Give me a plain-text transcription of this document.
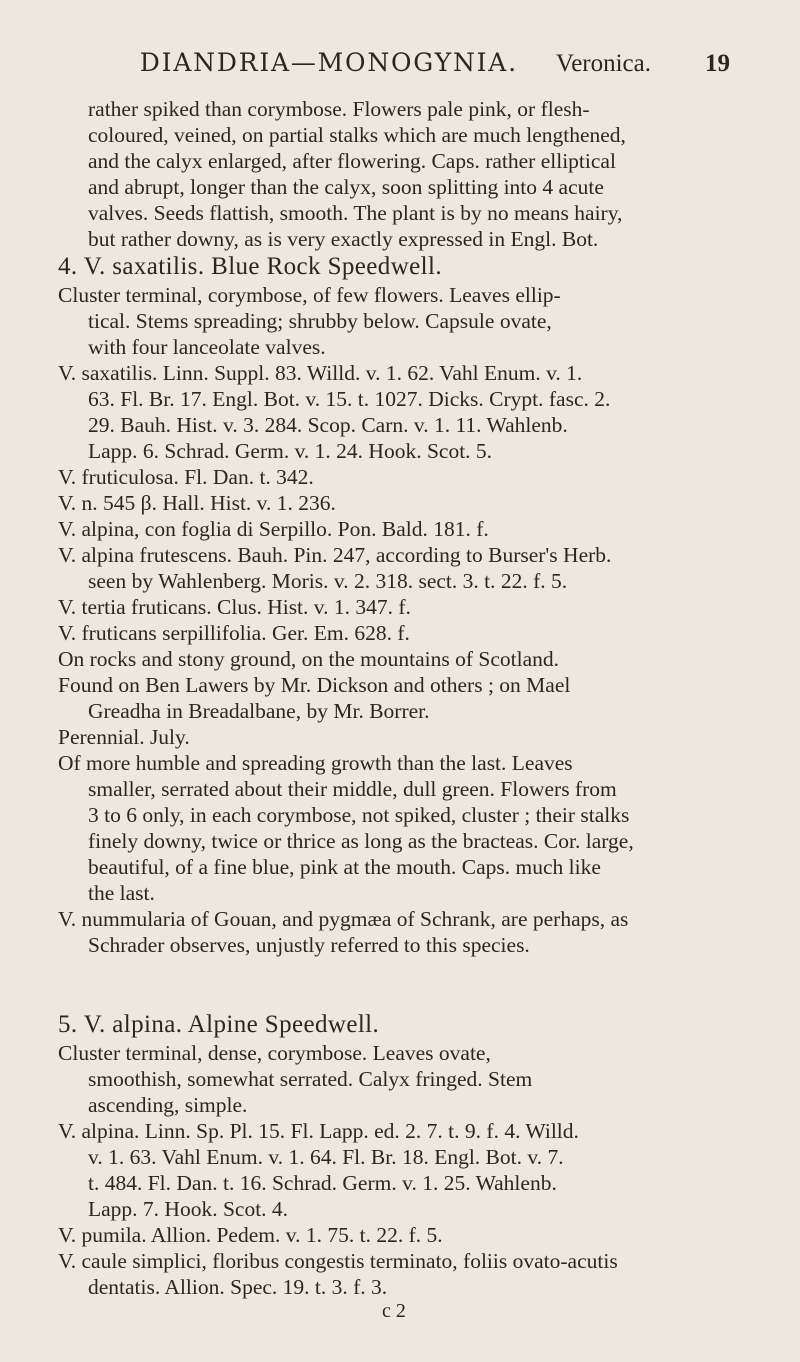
DIANDRIA—MONOGYNIA. Veronica. 19

rather spiked than corymbose. Flowers pale pink, or flesh-

coloured, veined, on partial stalks which are much lengthened,

and the calyx enlarged, after flowering. Caps. rather elliptical

and abrupt, longer than the calyx, soon splitting into 4 acute

valves. Seeds flattish, smooth. The plant is by no means hairy,

but rather downy, as is very exactly expressed in Engl. Bot.

4. V. saxatilis. Blue Rock Speedwell.

Cluster terminal, corymbose, of few flowers. Leaves ellip-

tical. Stems spreading; shrubby below. Capsule ovate,

with four lanceolate valves.

V. saxatilis. Linn. Suppl. 83. Willd. v. 1. 62. Vahl Enum. v. 1.

63. Fl. Br. 17. Engl. Bot. v. 15. t. 1027. Dicks. Crypt. fasc. 2.

29. Bauh. Hist. v. 3. 284. Scop. Carn. v. 1. 11. Wahlenb.

Lapp. 6. Schrad. Germ. v. 1. 24. Hook. Scot. 5.

V. fruticulosa. Fl. Dan. t. 342.

V. n. 545 β. Hall. Hist. v. 1. 236.

V. alpina, con foglia di Serpillo. Pon. Bald. 181. f.

V. alpina frutescens. Bauh. Pin. 247, according to Burser's Herb.

seen by Wahlenberg. Moris. v. 2. 318. sect. 3. t. 22. f. 5.

V. tertia fruticans. Clus. Hist. v. 1. 347. f.

V. fruticans serpillifolia. Ger. Em. 628. f.

On rocks and stony ground, on the mountains of Scotland.

Found on Ben Lawers by Mr. Dickson and others ; on Mael

Greadha in Breadalbane, by Mr. Borrer.

Perennial. July.

Of more humble and spreading growth than the last. Leaves

smaller, serrated about their middle, dull green. Flowers from

3 to 6 only, in each corymbose, not spiked, cluster ; their stalks

finely downy, twice or thrice as long as the bracteas. Cor. large,

beautiful, of a fine blue, pink at the mouth. Caps. much like

the last.

V. nummularia of Gouan, and pygmæa of Schrank, are perhaps, as

Schrader observes, unjustly referred to this species.

5. V. alpina. Alpine Speedwell.

Cluster terminal, dense, corymbose. Leaves ovate,

smoothish, somewhat serrated. Calyx fringed. Stem

ascending, simple.

V. alpina. Linn. Sp. Pl. 15. Fl. Lapp. ed. 2. 7. t. 9. f. 4. Willd.

v. 1. 63. Vahl Enum. v. 1. 64. Fl. Br. 18. Engl. Bot. v. 7.

t. 484. Fl. Dan. t. 16. Schrad. Germ. v. 1. 25. Wahlenb.

Lapp. 7. Hook. Scot. 4.

V. pumila. Allion. Pedem. v. 1. 75. t. 22. f. 5.

V. caule simplici, floribus congestis terminato, foliis ovato-acutis

dentatis. Allion. Spec. 19. t. 3. f. 3.

c 2
